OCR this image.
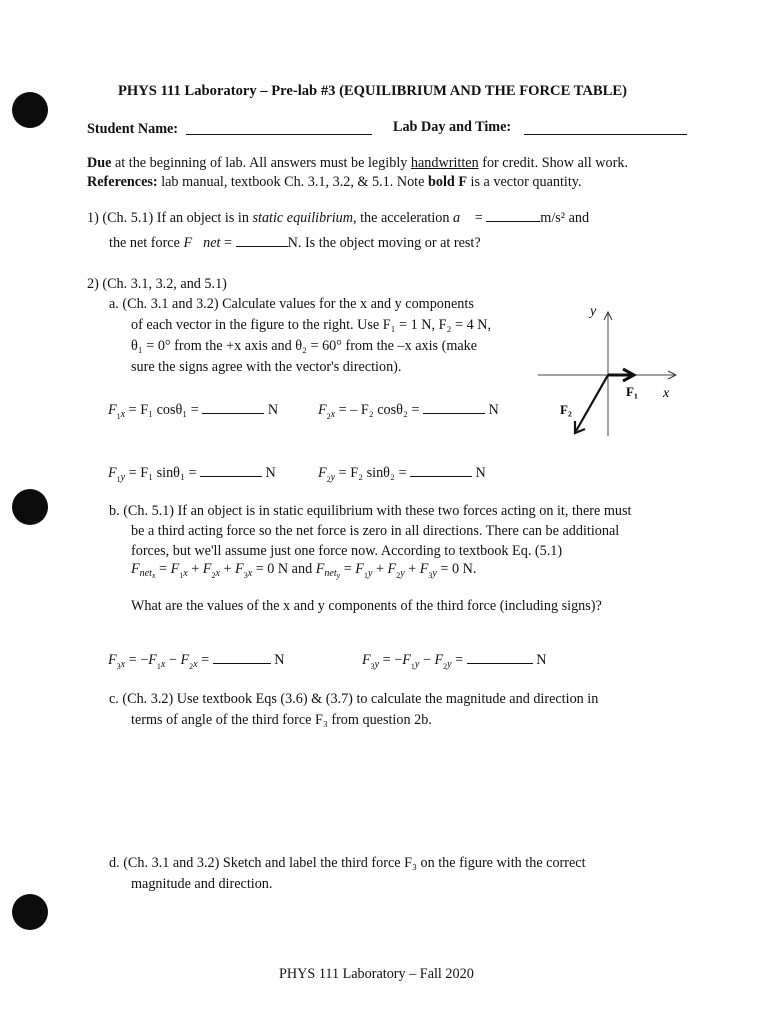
PHYS 111 Laboratory – Pre-lab #3 (EQUILIBRIUM AND THE FORCE TABLE)
Student Name:	Lab Day and Time:
Due at the beginning of lab. All answers must be legibly handwritten for credit. Show all work.
References: lab manual, textbook Ch. 3.1, 3.2, & 5.1. Note bold F is a vector quantity.
1) (Ch. 5.1) If an object is in static equilibrium, the acceleration a⃗ =	m/s² and
the net force F⃗net =	N. Is the object moving or at rest?
2) (Ch. 3.1, 3.2, and 5.1)
a. (Ch. 3.1 and 3.2) Calculate values for the x and y components
of each vector in the figure to the right. Use F₁ = 1 N, F₂ = 4 N,
θ₁ = 0° from the +x axis and θ₂ = 60° from the –x axis (make
sure the signs agree with the vector's direction).
y
x
F₁
F₂
$F_{_1x} = F_1$ cosθ₁ =	N	$F_{_2x}$ = – F₂ cosθ₂ =	N
$F_{_1y} = F_1$ sinθ₁ =	N	$F_{_2y} = F_2$ sinθ₂ =	N
b. (Ch. 5.1) If an object is in static equilibrium with these two forces acting on it, there must
be a third acting force so the net force is zero in all directions. There can be additional
forces, but we'll assume just one force now. According to textbook Eq. (5.1)
$F_{net_x} = F_{_1x} + F_{_2x} + F_{_3x} = 0$ N and $F_{net_y} = F_{_1y} + F_{_2y} + F_{_3y} = 0$ N.
What are the values of the x and y components of the third force (including signs)?
$F_{_3x} = -F_{_1x} - F_{_2x}$ =	N	$F_{_3y} = -F_{_1y} - F_{_2y}$ =	N
c. (Ch. 3.2) Use textbook Eqs (3.6) & (3.7) to calculate the magnitude and direction in
terms of angle of the third force F₃ from question 2b.
d. (Ch. 3.1 and 3.2) Sketch and label the third force F₃ on the figure with the correct
magnitude and direction.
PHYS 111 Laboratory – Fall 2020
